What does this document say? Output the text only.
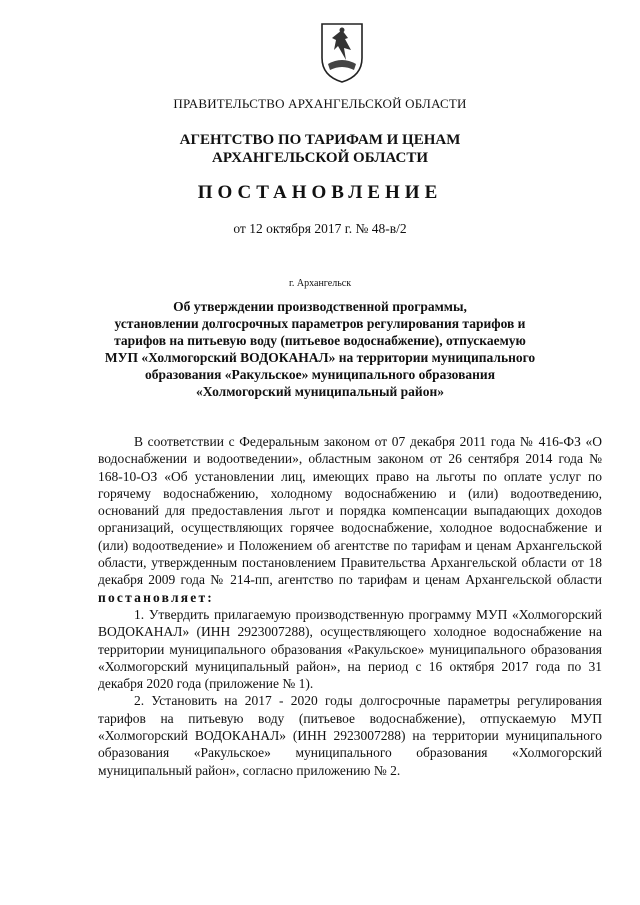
ПРАВИТЕЛЬСТВО АРХАНГЕЛЬСКОЙ ОБЛАСТИ
АГЕНТСТВО ПО ТАРИФАМ И ЦЕНАМ
АРХАНГЕЛЬСКОЙ ОБЛАСТИ
ПОСТАНОВЛЕНИЕ
от 12 октября 2017 г. № 48-в/2
г. Архангельск
Об утверждении производственной программы,
установлении долгосрочных параметров регулирования тарифов и
тарифов на питьевую воду (питьевое водоснабжение), отпускаемую
МУП «Холмогорский ВОДОКАНАЛ» на территории муниципального
образования «Ракульское» муниципального образования
«Холмогорский муниципальный район»

В соответствии с Федеральным законом от 07 декабря 2011 года № 416-ФЗ «О водоснабжении и водоотведении», областным законом от 26 сентября 2014 года № 168-10-ОЗ «Об установлении лиц, имеющих право на льготы по оплате услуг по горячему водоснабжению, холодному водоснабжению и (или) водоотведению, оснований для предоставления льгот и порядка компенсации выпадающих доходов организаций, осуществляющих горячее водоснабжение, холодное водоснабжение и (или) водоотведение» и Положением об агентстве по тарифам и ценам Архангельской области, утвержденным постановлением Правительства Архангельской области от 18 декабря 2009 года № 214-пп, агентство по тарифам и ценам Архангельской области постановляет:

1. Утвердить прилагаемую производственную программу МУП «Холмогорский ВОДОКАНАЛ» (ИНН 2923007288), осуществляющего холодное водоснабжение на территории муниципального образования «Ракульское» муниципального образования «Холмогорский муниципальный район», на период с 16 октября 2017 года по 31 декабря 2020 года (приложение № 1).

2. Установить на 2017 - 2020 годы долгосрочные параметры регулирования тарифов на питьевую воду (питьевое водоснабжение), отпускаемую МУП «Холмогорский ВОДОКАНАЛ» (ИНН 2923007288) на территории муниципального образования «Ракульское» муниципального образования «Холмогорский муниципальный район», согласно приложению № 2.
